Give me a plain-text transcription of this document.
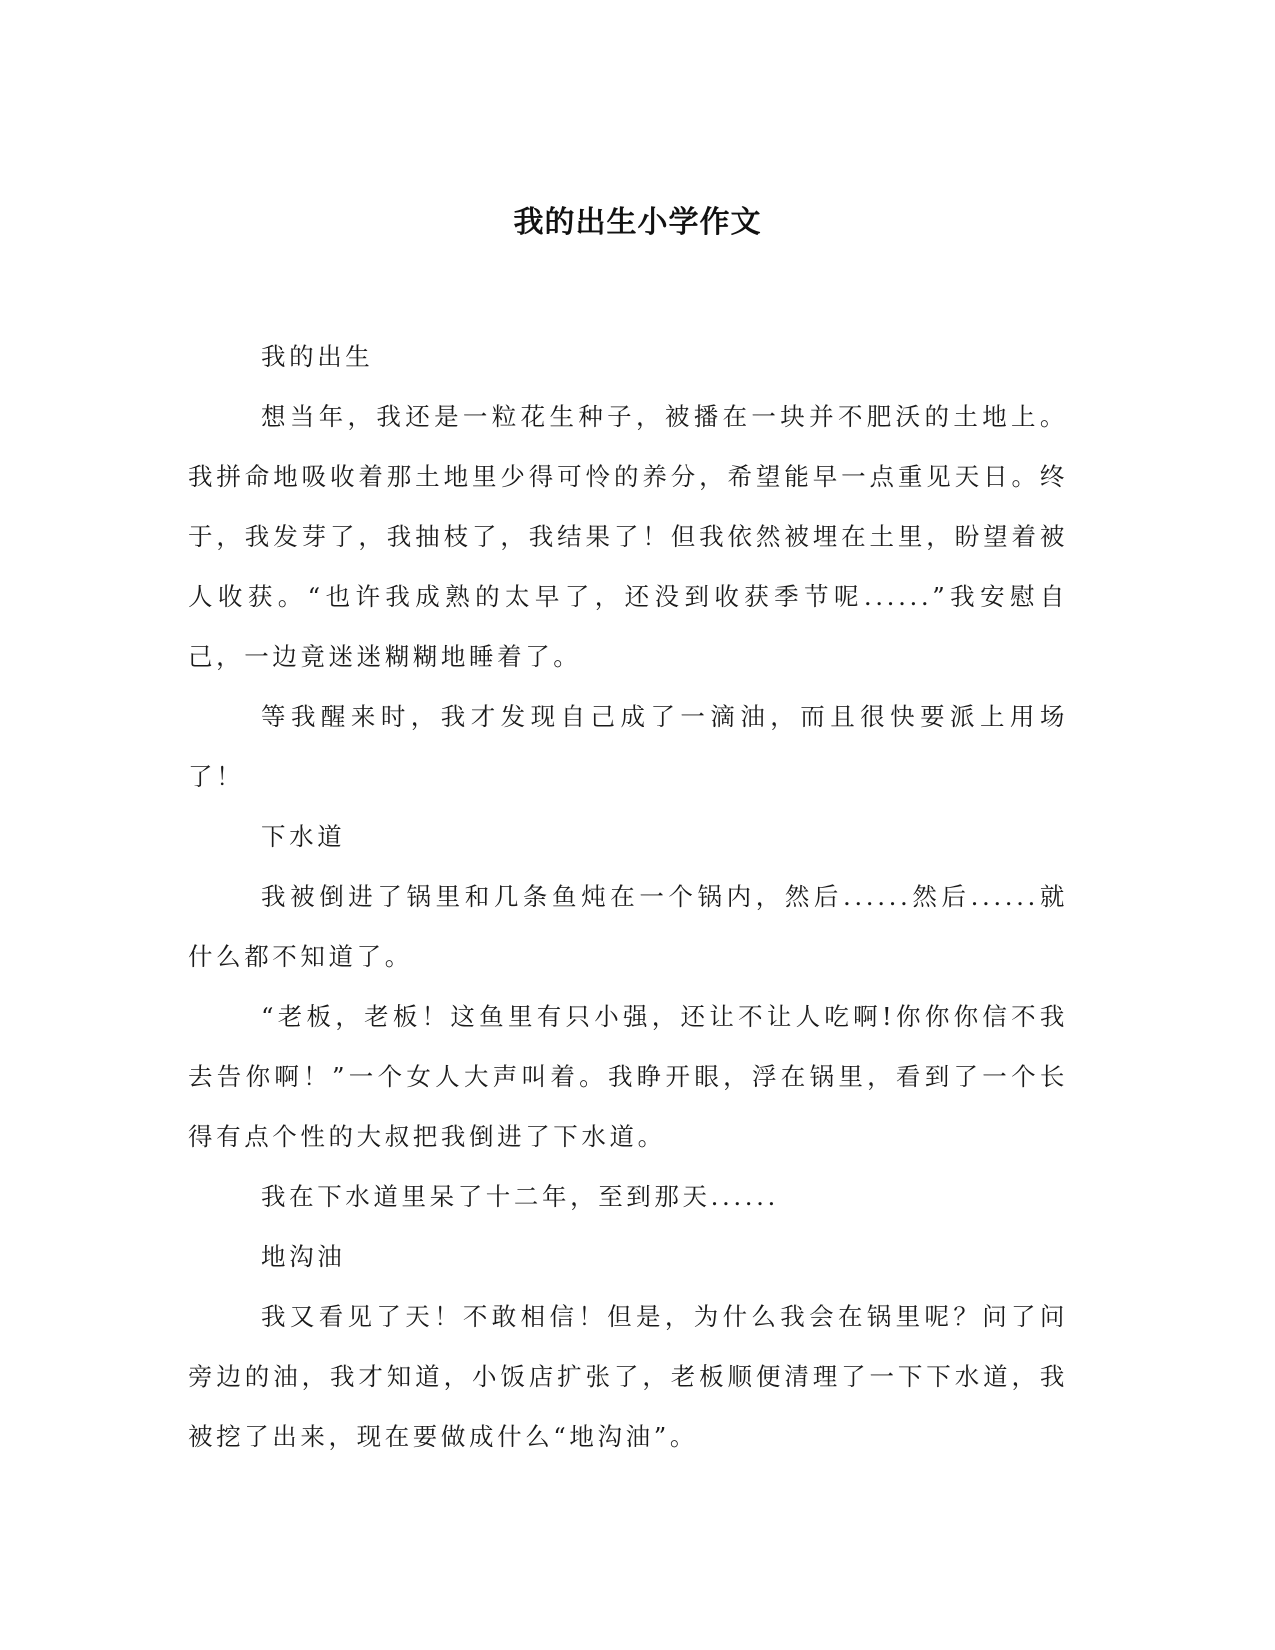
我的出生小学作文

我的出生

想当年，我还是一粒花生种子，被播在一块并不肥沃的土地上。我拼命地吸收着那土地里少得可怜的养分，希望能早一点重见天日。终于，我发芽了，我抽枝了，我结果了！但我依然被埋在土里，盼望着被人收获。“也许我成熟的太早了，还没到收获季节呢......”我安慰自己，一边竟迷迷糊糊地睡着了。

等我醒来时，我才发现自己成了一滴油，而且很快要派上用场了！

下水道

我被倒进了锅里和几条鱼炖在一个锅内，然后......然后......就什么都不知道了。

“老板，老板！这鱼里有只小强，还让不让人吃啊!你你你信不我去告你啊！”一个女人大声叫着。我睁开眼，浮在锅里，看到了一个长得有点个性的大叔把我倒进了下水道。

我在下水道里呆了十二年，至到那天......

地沟油

我又看见了天！不敢相信！但是，为什么我会在锅里呢？问了问旁边的油，我才知道，小饭店扩张了，老板顺便清理了一下下水道，我被挖了出来，现在要做成什么“地沟油”。
